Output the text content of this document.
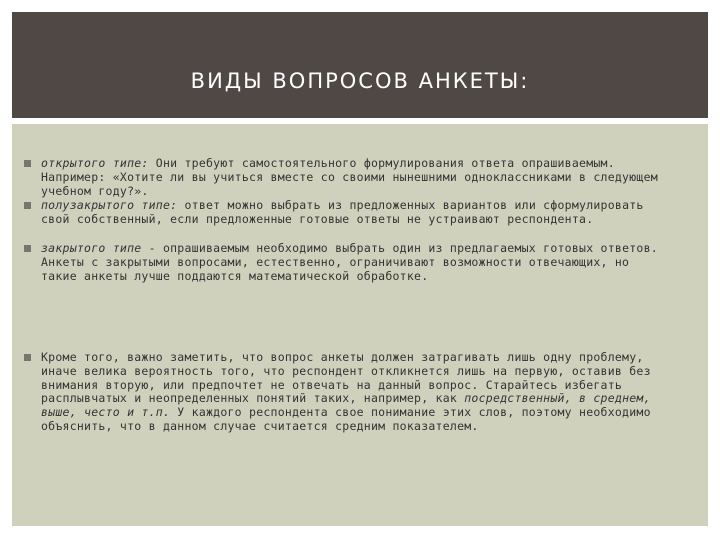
ВИДЫ ВОПРОСОВ АНКЕТЫ:
открытого типе: Они требуют самостоятельного формулирования ответа опрашиваемым. Например: «Хотите ли вы учиться вместе со своими нынешними одноклассниками в следующем учебном году?».
полузакрытого типе: ответ можно выбрать из предложенных вариантов или сформулировать свой собственный, если предложенные готовые ответы не устраивают респондента.
закрытого типе - опрашиваемым необходимо выбрать один из предлагаемых готовых ответов. Анкеты с закрытыми вопросами, естественно, ограничивают возможности отвечающих, но такие анкеты лучше поддаются математической обработке.
Кроме того, важно заметить, что вопрос анкеты должен затрагивать лишь одну проблему, иначе велика вероятность того, что респондент откликнется лишь на первую, оставив без внимания вторую, или предпочтет не отвечать на данный вопрос. Старайтесь избегать расплывчатых и неопределенных понятий таких, например, как посредственный, в среднем, выше, често и т.п. У каждого респондента свое понимание этих слов, поэтому необходимо объяснить, что в данном случае считается средним показателем.
